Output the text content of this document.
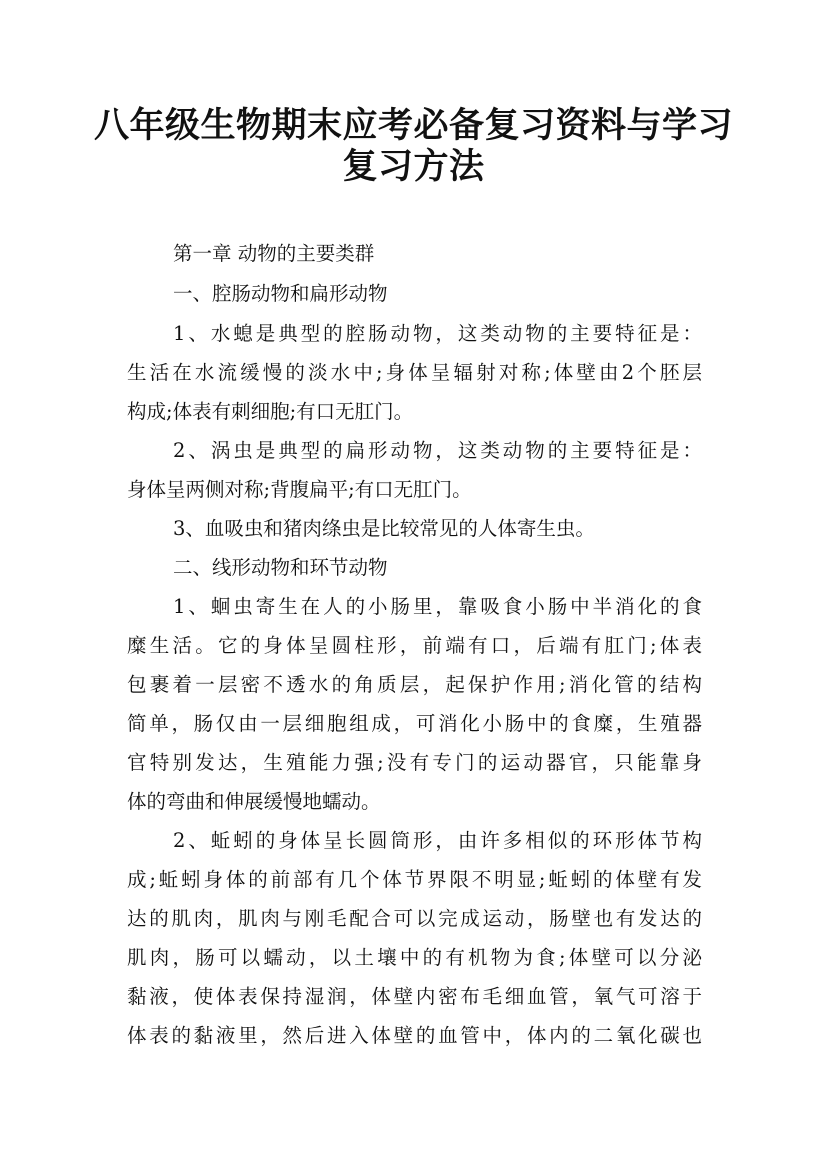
八年级生物期末应考必备复习资料与学习
复习方法
第一章 动物的主要类群
一、腔肠动物和扁形动物
1、水螅是典型的腔肠动物，这类动物的主要特征是：
生活在水流缓慢的淡水中;身体呈辐射对称;体壁由2个胚层
构成;体表有刺细胞;有口无肛门。
2、涡虫是典型的扁形动物，这类动物的主要特征是：
身体呈两侧对称;背腹扁平;有口无肛门。
3、血吸虫和猪肉绦虫是比较常见的人体寄生虫。
二、线形动物和环节动物
1、蛔虫寄生在人的小肠里，靠吸食小肠中半消化的食
糜生活。它的身体呈圆柱形，前端有口，后端有肛门;体表
包裹着一层密不透水的角质层，起保护作用;消化管的结构
简单，肠仅由一层细胞组成，可消化小肠中的食糜，生殖器
官特别发达，生殖能力强;没有专门的运动器官，只能靠身
体的弯曲和伸展缓慢地蠕动。
2、蚯蚓的身体呈长圆筒形，由许多相似的环形体节构
成;蚯蚓身体的前部有几个体节界限不明显;蚯蚓的体壁有发
达的肌肉，肌肉与刚毛配合可以完成运动，肠壁也有发达的
肌肉，肠可以蠕动，以土壤中的有机物为食;体壁可以分泌
黏液，使体表保持湿润，体壁内密布毛细血管，氧气可溶于
体表的黏液里，然后进入体壁的血管中，体内的二氧化碳也
